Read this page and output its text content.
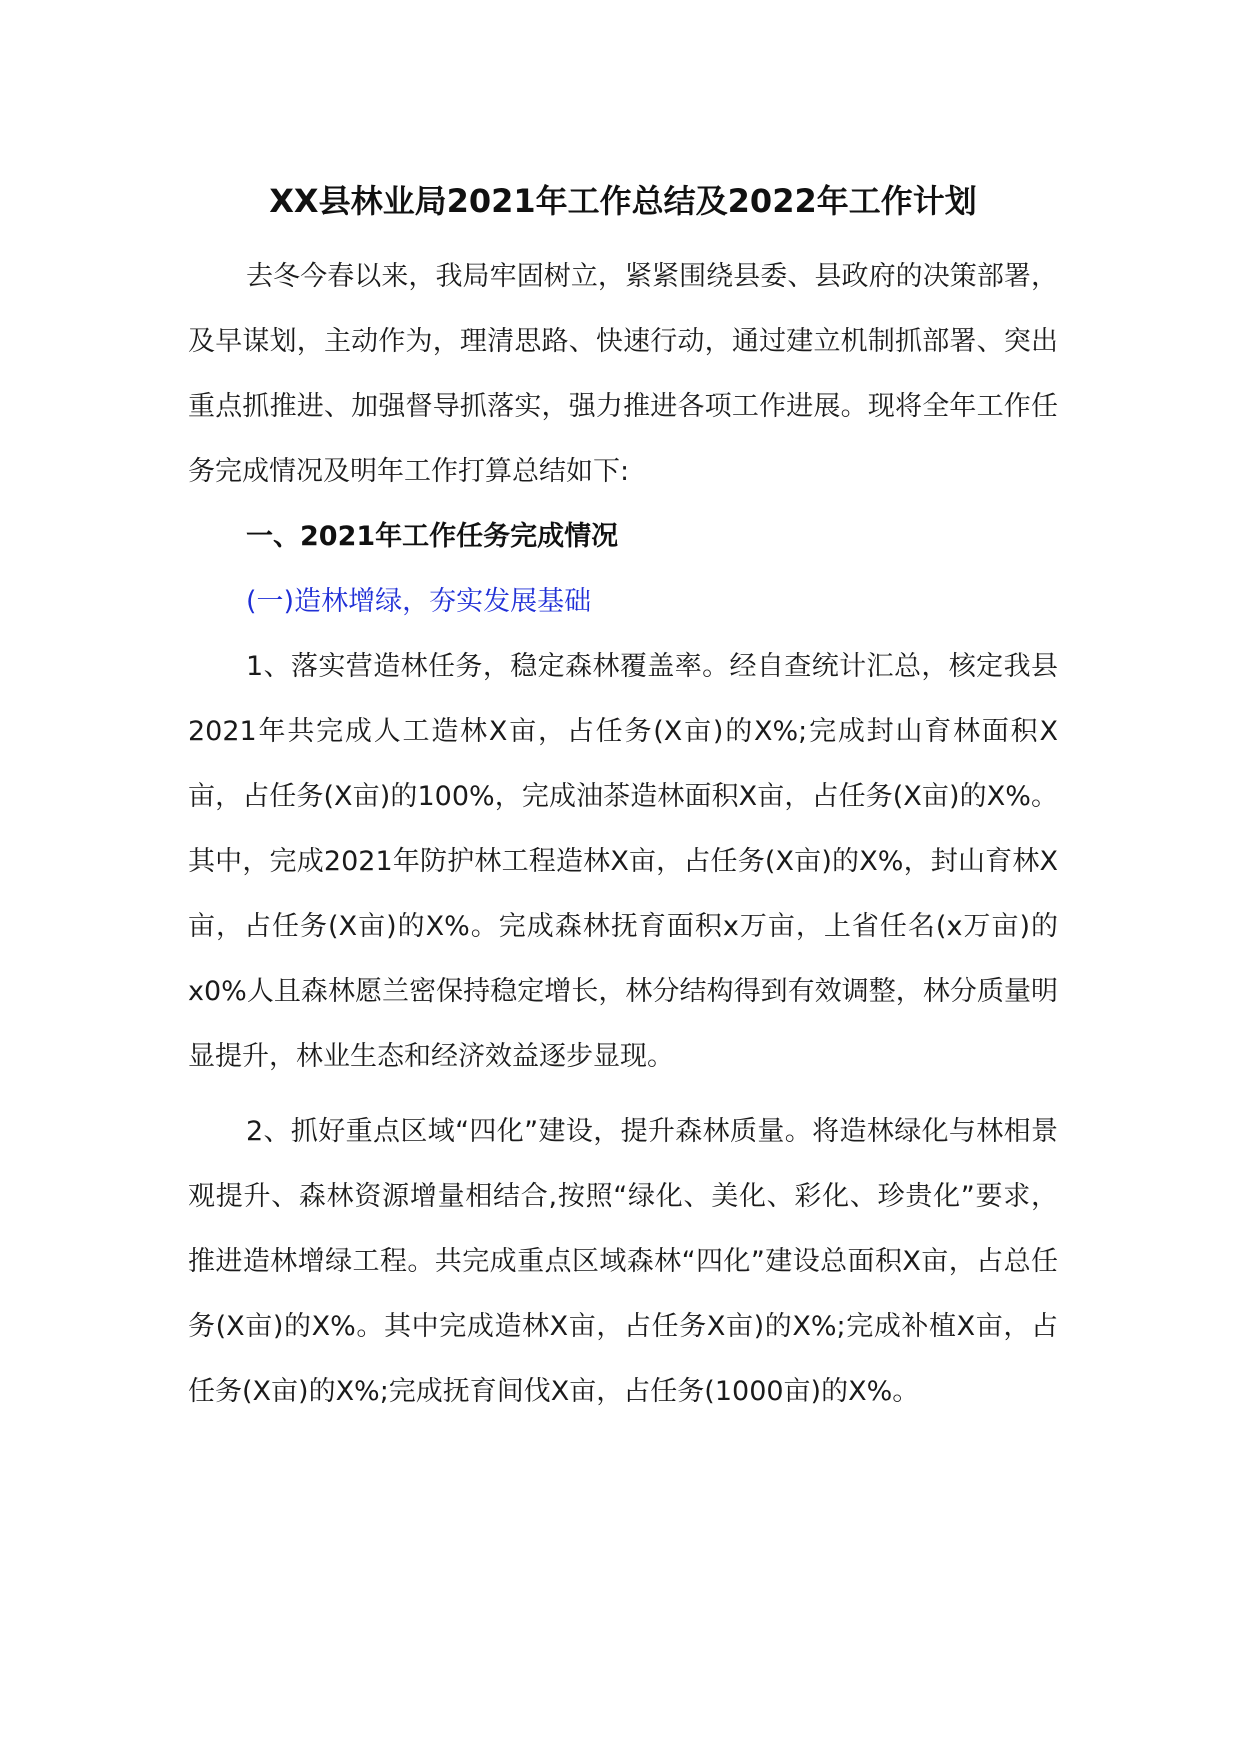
XX县林业局2021年工作总结及2022年工作计划

去冬今春以来，我局牢固树立，紧紧围绕县委、县政府的决策部署，及早谋划，主动作为，理清思路、快速行动，通过建立机制抓部署、突出重点抓推进、加强督导抓落实，强力推进各项工作进展。现将全年工作任务完成情况及明年工作打算总结如下:

一、2021年工作任务完成情况

(一)造林增绿，夯实发展基础

1、落实营造林任务，稳定森林覆盖率。经自查统计汇总，核定我县2021年共完成人工造林X亩，占任务(X亩)的X%;完成封山育林面积X亩，占任务(X亩)的100%，完成油茶造林面积X亩，占任务(X亩)的X%。其中，完成2021年防护林工程造林X亩，占任务(X亩)的X%，封山育林X亩，占任务(X亩)的X%。完成森林抚育面积x万亩，上省任名(x万亩)的x0%人且森林愿兰密保持稳定增长，林分结构得到有效调整，林分质量明显提升，林业生态和经济效益逐步显现。

2、抓好重点区域“四化”建设，提升森林质量。将造林绿化与林相景观提升、森林资源增量相结合,按照“绿化、美化、彩化、珍贵化”要求，推进造林增绿工程。共完成重点区域森林“四化”建设总面积X亩，占总任务(X亩)的X%。其中完成造林X亩，占任务X亩)的X%;完成补植X亩，占任务(X亩)的X%;完成抚育间伐X亩，占任务(1000亩)的X%。
